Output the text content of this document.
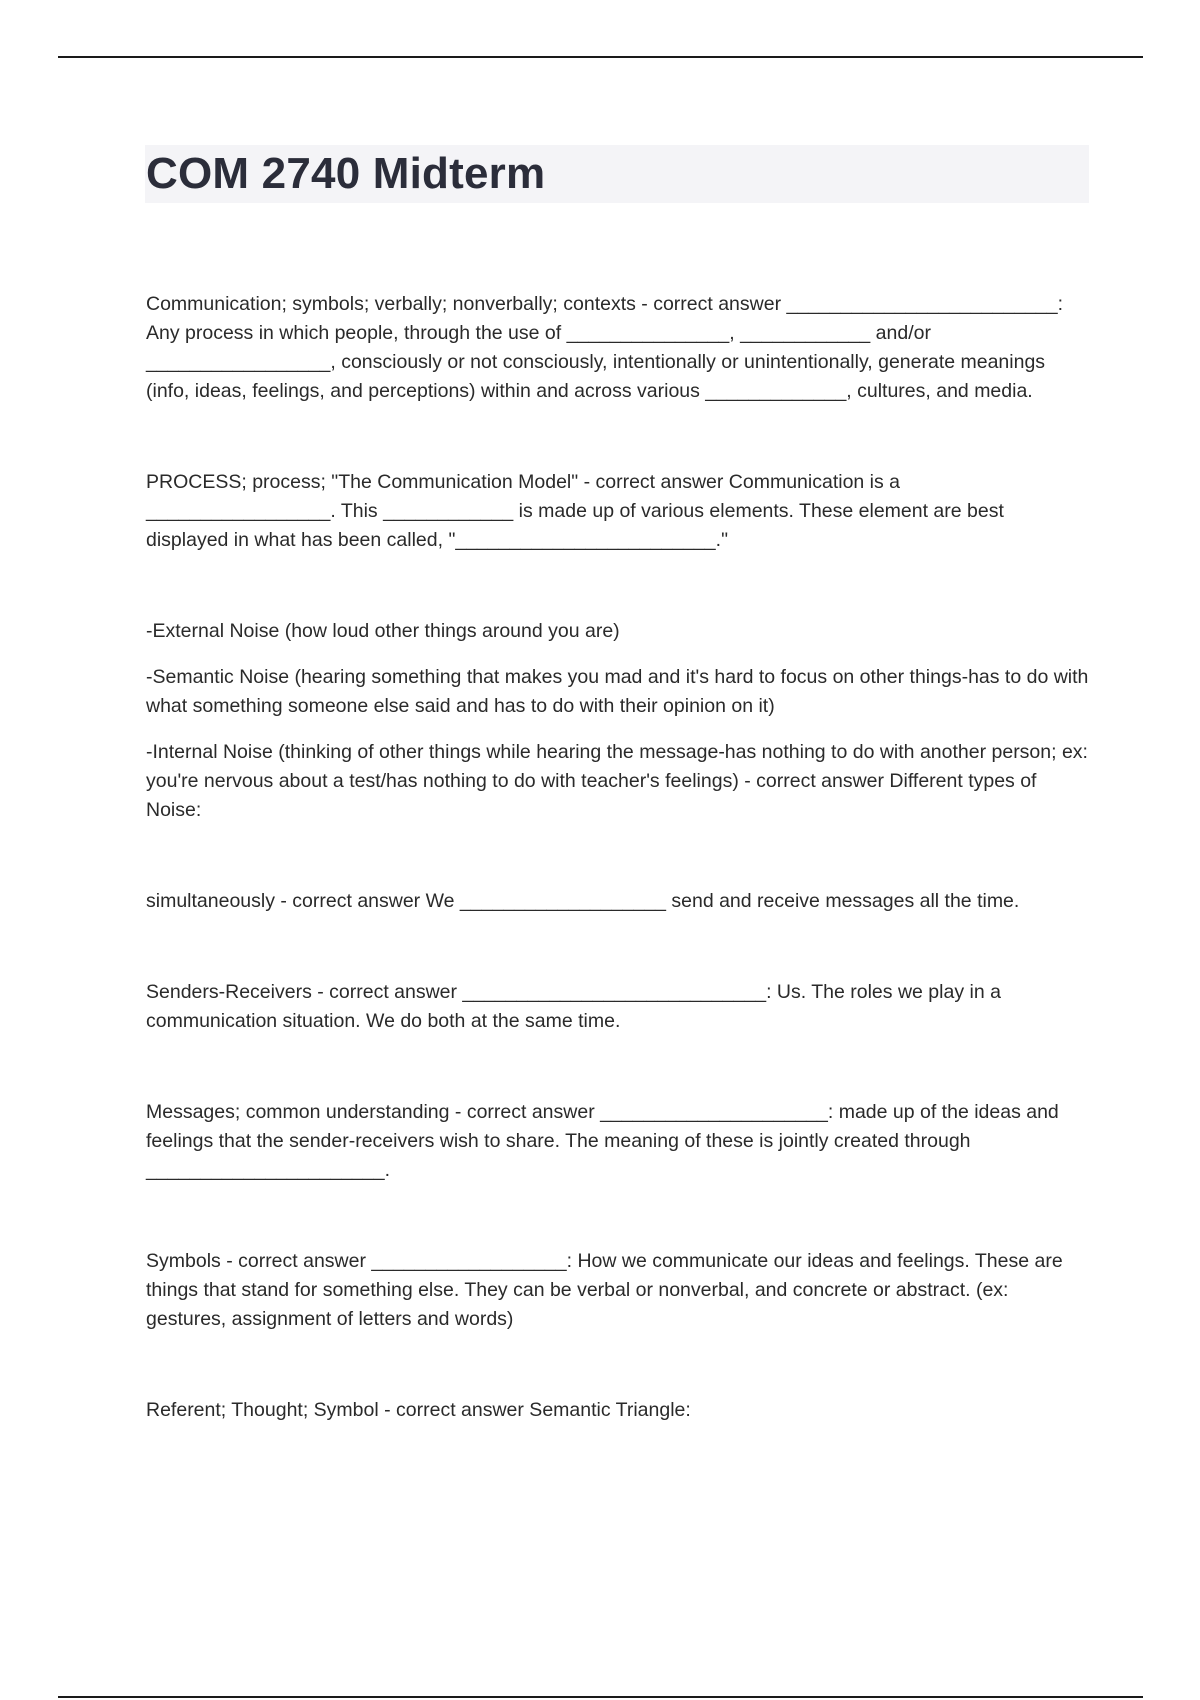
COM 2740 Midterm

Communication; symbols; verbally; nonverbally; contexts - correct answer _________________________: Any process in which people, through the use of _______________, ____________ and/or _________________, consciously or not consciously, intentionally or unintentionally, generate meanings (info, ideas, feelings, and perceptions) within and across various _____________, cultures, and media.

PROCESS; process; "The Communication Model" - correct answer Communication is a _________________. This ____________ is made up of various elements. These element are best displayed in what has been called, "________________________."

-External Noise (how loud other things around you are)

-Semantic Noise (hearing something that makes you mad and it's hard to focus on other things-has to do with what something someone else said and has to do with their opinion on it)

-Internal Noise (thinking of other things while hearing the message-has nothing to do with another person; ex: you're nervous about a test/has nothing to do with teacher's feelings) - correct answer Different types of Noise:

simultaneously - correct answer We ___________________ send and receive messages all the time.

Senders-Receivers - correct answer ____________________________: Us. The roles we play in a communication situation. We do both at the same time.

Messages; common understanding - correct answer _____________________: made up of the ideas and feelings that the sender-receivers wish to share. The meaning of these is jointly created through ______________________.

Symbols - correct answer __________________: How we communicate our ideas and feelings. These are things that stand for something else. They can be verbal or nonverbal, and concrete or abstract. (ex: gestures, assignment of letters and words)

Referent; Thought; Symbol - correct answer Semantic Triangle:
